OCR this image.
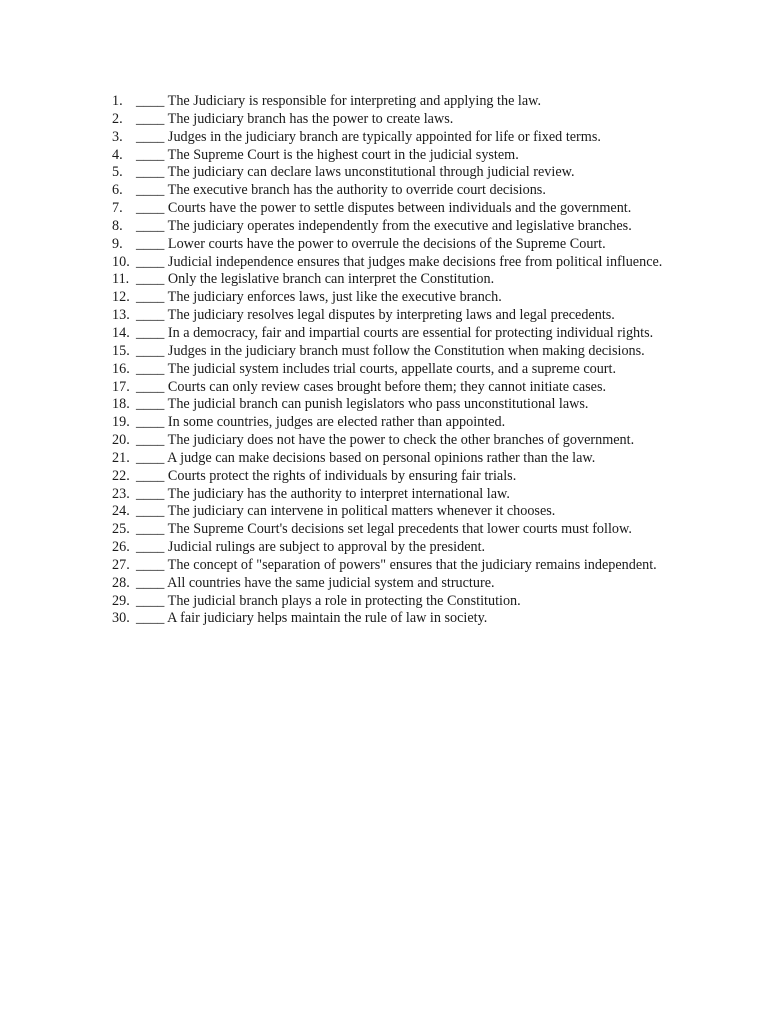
1. ____ The Judiciary is responsible for interpreting and applying the law.
2. ____ The judiciary branch has the power to create laws.
3. ____ Judges in the judiciary branch are typically appointed for life or fixed terms.
4. ____ The Supreme Court is the highest court in the judicial system.
5. ____ The judiciary can declare laws unconstitutional through judicial review.
6. ____ The executive branch has the authority to override court decisions.
7. ____ Courts have the power to settle disputes between individuals and the government.
8. ____ The judiciary operates independently from the executive and legislative branches.
9. ____ Lower courts have the power to overrule the decisions of the Supreme Court.
10. ____ Judicial independence ensures that judges make decisions free from political influence.
11. ____ Only the legislative branch can interpret the Constitution.
12. ____ The judiciary enforces laws, just like the executive branch.
13. ____ The judiciary resolves legal disputes by interpreting laws and legal precedents.
14. ____ In a democracy, fair and impartial courts are essential for protecting individual rights.
15. ____ Judges in the judiciary branch must follow the Constitution when making decisions.
16. ____ The judicial system includes trial courts, appellate courts, and a supreme court.
17. ____ Courts can only review cases brought before them; they cannot initiate cases.
18. ____ The judicial branch can punish legislators who pass unconstitutional laws.
19. ____ In some countries, judges are elected rather than appointed.
20. ____ The judiciary does not have the power to check the other branches of government.
21. ____ A judge can make decisions based on personal opinions rather than the law.
22. ____ Courts protect the rights of individuals by ensuring fair trials.
23. ____ The judiciary has the authority to interpret international law.
24. ____ The judiciary can intervene in political matters whenever it chooses.
25. ____ The Supreme Court's decisions set legal precedents that lower courts must follow.
26. ____ Judicial rulings are subject to approval by the president.
27. ____ The concept of "separation of powers" ensures that the judiciary remains independent.
28. ____ All countries have the same judicial system and structure.
29. ____ The judicial branch plays a role in protecting the Constitution.
30. ____ A fair judiciary helps maintain the rule of law in society.
